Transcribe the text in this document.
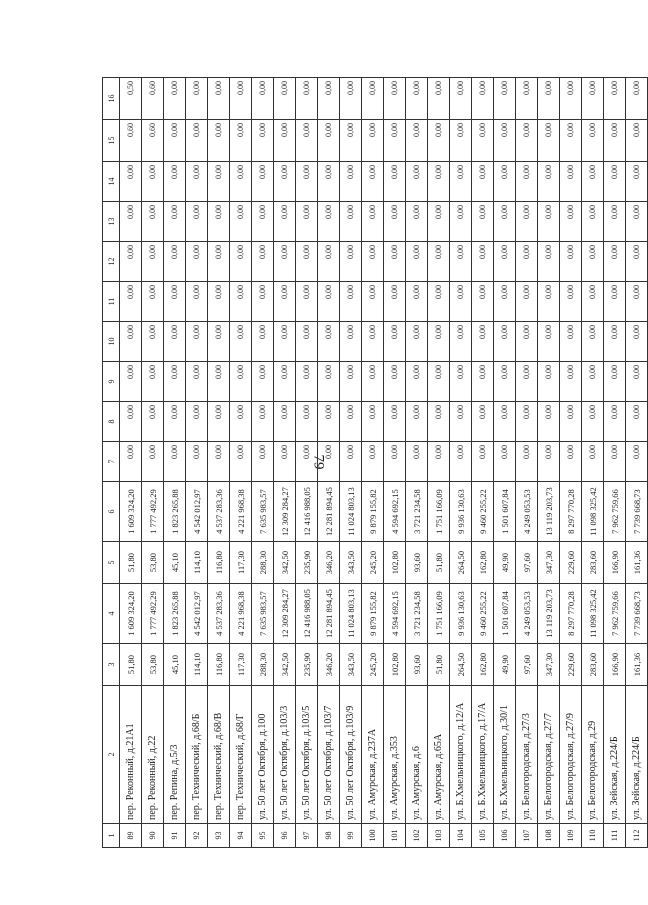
79
1	2	3	4	5	6	7	8	9	10	11	12	13	14	15	16
89	пер. Реконный, д.21А1	51,80	1 609 324,20	51,80	1 609 324,20	0,00	0,00	0,00	0,00	0,00	0,00	0,00	0,00	0,60	0,50
90	пер. Реконный, д.22	53,80	1 777 492,29	53,80	1 777 492,29	0,00	0,00	0,00	0,00	0,00	0,00	0,00	0,00	0,60	0,60
91	пер. Репина, д.5/3	45,10	1 823 265,88	45,10	1 823 265,88	0,00	0,00	0,00	0,00	0,00	0,00	0,00	0,00	0,00	0,00
92	пер. Технический, д.68/Б	114,10	4 542 012,97	114,10	4 542 012,97	0,00	0,00	0,00	0,00	0,00	0,00	0,00	0,00	0,00	0,00
93	пер. Технический, д.68/В	116,80	4 537 283,36	116,80	4 537 283,36	0,00	0,00	0,00	0,00	0,00	0,00	0,00	0,00	0,00	0,00
94	пер. Технический, д.68/Г	117,30	4 221 968,38	117,30	4 221 968,38	0,00	0,00	0,00	0,00	0,00	0,00	0,00	0,00	0,00	0,00
95	ул. 50 лет Октября, д.100	288,30	7 635 983,57	288,30	7 635 983,57	0,00	0,00	0,00	0,00	0,00	0,00	0,00	0,00	0,00	0,00
96	ул. 50 лет Октября, д.103/3	342,50	12 309 284,27	342,50	12 309 284,27	0,00	0,00	0,00	0,00	0,00	0,00	0,00	0,00	0,00	0,00
97	ул. 50 лет Октября, д.103/5	235,90	12 416 988,05	235,90	12 416 988,05	0,00	0,00	0,00	0,00	0,00	0,00	0,00	0,00	0,00	0,00
98	ул. 50 лет Октября, д.103/7	346,20	12 281 894,45	346,20	12 281 894,45	0,00	0,00	0,00	0,00	0,00	0,00	0,00	0,00	0,00	0,00
99	ул. 50 лет Октября, д.103/9	343,50	11 024 803,13	343,50	11 024 803,13	0,00	0,00	0,00	0,00	0,00	0,00	0,00	0,00	0,00	0,00
100	ул. Амурская, д.237А	245,20	9 879 155,82	245,20	9 879 155,82	0,00	0,00	0,00	0,00	0,00	0,00	0,00	0,00	0,00	0,00
101	ул. Амурская, д.353	102,80	4 594 692,15	102,80	4 594 692,15	0,00	0,00	0,00	0,00	0,00	0,00	0,00	0,00	0,00	0,00
102	ул. Амурская, д.6	93,60	3 721 234,58	93,60	3 721 234,58	0,00	0,00	0,00	0,00	0,00	0,00	0,00	0,00	0,00	0,00
103	ул. Амурская, д.65А	51,80	1 751 166,09	51,80	1 751 166,09	0,00	0,00	0,00	0,00	0,00	0,00	0,00	0,00	0,00	0,00
104	ул. Б.Хмельницкого, д.12/А	264,50	9 936 130,63	264,50	9 936 130,63	0,00	0,00	0,00	0,00	0,00	0,00	0,00	0,00	0,00	0,00
105	ул. Б.Хмельницкого, д.17/А	162,80	9 460 255,22	162,80	9 460 255,22	0,00	0,00	0,00	0,00	0,00	0,00	0,00	0,00	0,00	0,00
106	ул. Б.Хмельницкого, д.30/1	49,90	1 501 607,84	49,90	1 501 607,84	0,00	0,00	0,00	0,00	0,00	0,00	0,00	0,00	0,00	0,00
107	ул. Белогородская, д.27/3	97,60	4 249 053,53	97,60	4 249 053,53	0,00	0,00	0,00	0,00	0,00	0,00	0,00	0,00	0,00	0,00
108	ул. Белогородская, д.27/7	347,30	13 119 203,73	347,30	13 119 203,73	0,00	0,00	0,00	0,00	0,00	0,00	0,00	0,00	0,00	0,00
109	ул. Белогородская, д.27/9	229,60	8 297 770,28	229,60	8 297 770,28	0,00	0,00	0,00	0,00	0,00	0,00	0,00	0,00	0,00	0,00
110	ул. Белогородская, д.29	283,60	11 098 325,42	283,60	11 098 325,42	0,00	0,00	0,00	0,00	0,00	0,00	0,00	0,00	0,00	0,00
111	ул. Зейская, д.224/Б	166,90	7 962 759,66	166,90	7 962 759,66	0,00	0,00	0,00	0,00	0,00	0,00	0,00	0,00	0,00	0,00
112	ул. Зейская, д.224/Б	161,36	7 739 668,73	161,36	7 739 668,73	0,00	0,00	0,00	0,00	0,00	0,00	0,00	0,00	0,00	0,00
